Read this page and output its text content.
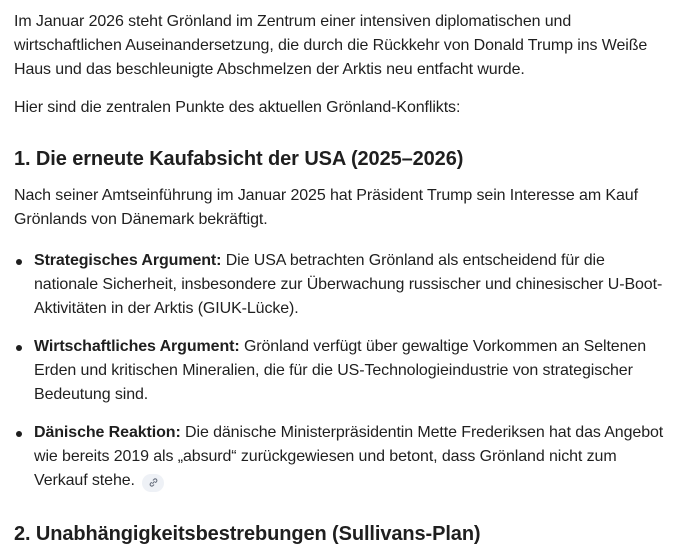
Im Januar 2026 steht Grönland im Zentrum einer intensiven diplomatischen und wirtschaftlichen Auseinandersetzung, die durch die Rückkehr von Donald Trump ins Weiße Haus und das beschleunigte Abschmelzen der Arktis neu entfacht wurde.

Hier sind die zentralen Punkte des aktuellen Grönland-Konflikts:

1. Die erneute Kaufabsicht der USA (2025–2026)

Nach seiner Amtseinführung im Januar 2025 hat Präsident Trump sein Interesse am Kauf Grönlands von Dänemark bekräftigt.

Strategisches Argument: Die USA betrachten Grönland als entscheidend für die nationale Sicherheit, insbesondere zur Überwachung russischer und chinesischer U-Boot-Aktivitäten in der Arktis (GIUK-Lücke).
Wirtschaftliches Argument: Grönland verfügt über gewaltige Vorkommen an Seltenen Erden und kritischen Mineralien, die für die US-Technologieindustrie von strategischer Bedeutung sind.
Dänische Reaktion: Die dänische Ministerpräsidentin Mette Frederiksen hat das Angebot wie bereits 2019 als „absurd“ zurückgewiesen und betont, dass Grönland nicht zum Verkauf stehe.
2. Unabhängigkeitsbestrebungen (Sullivans-Plan)
